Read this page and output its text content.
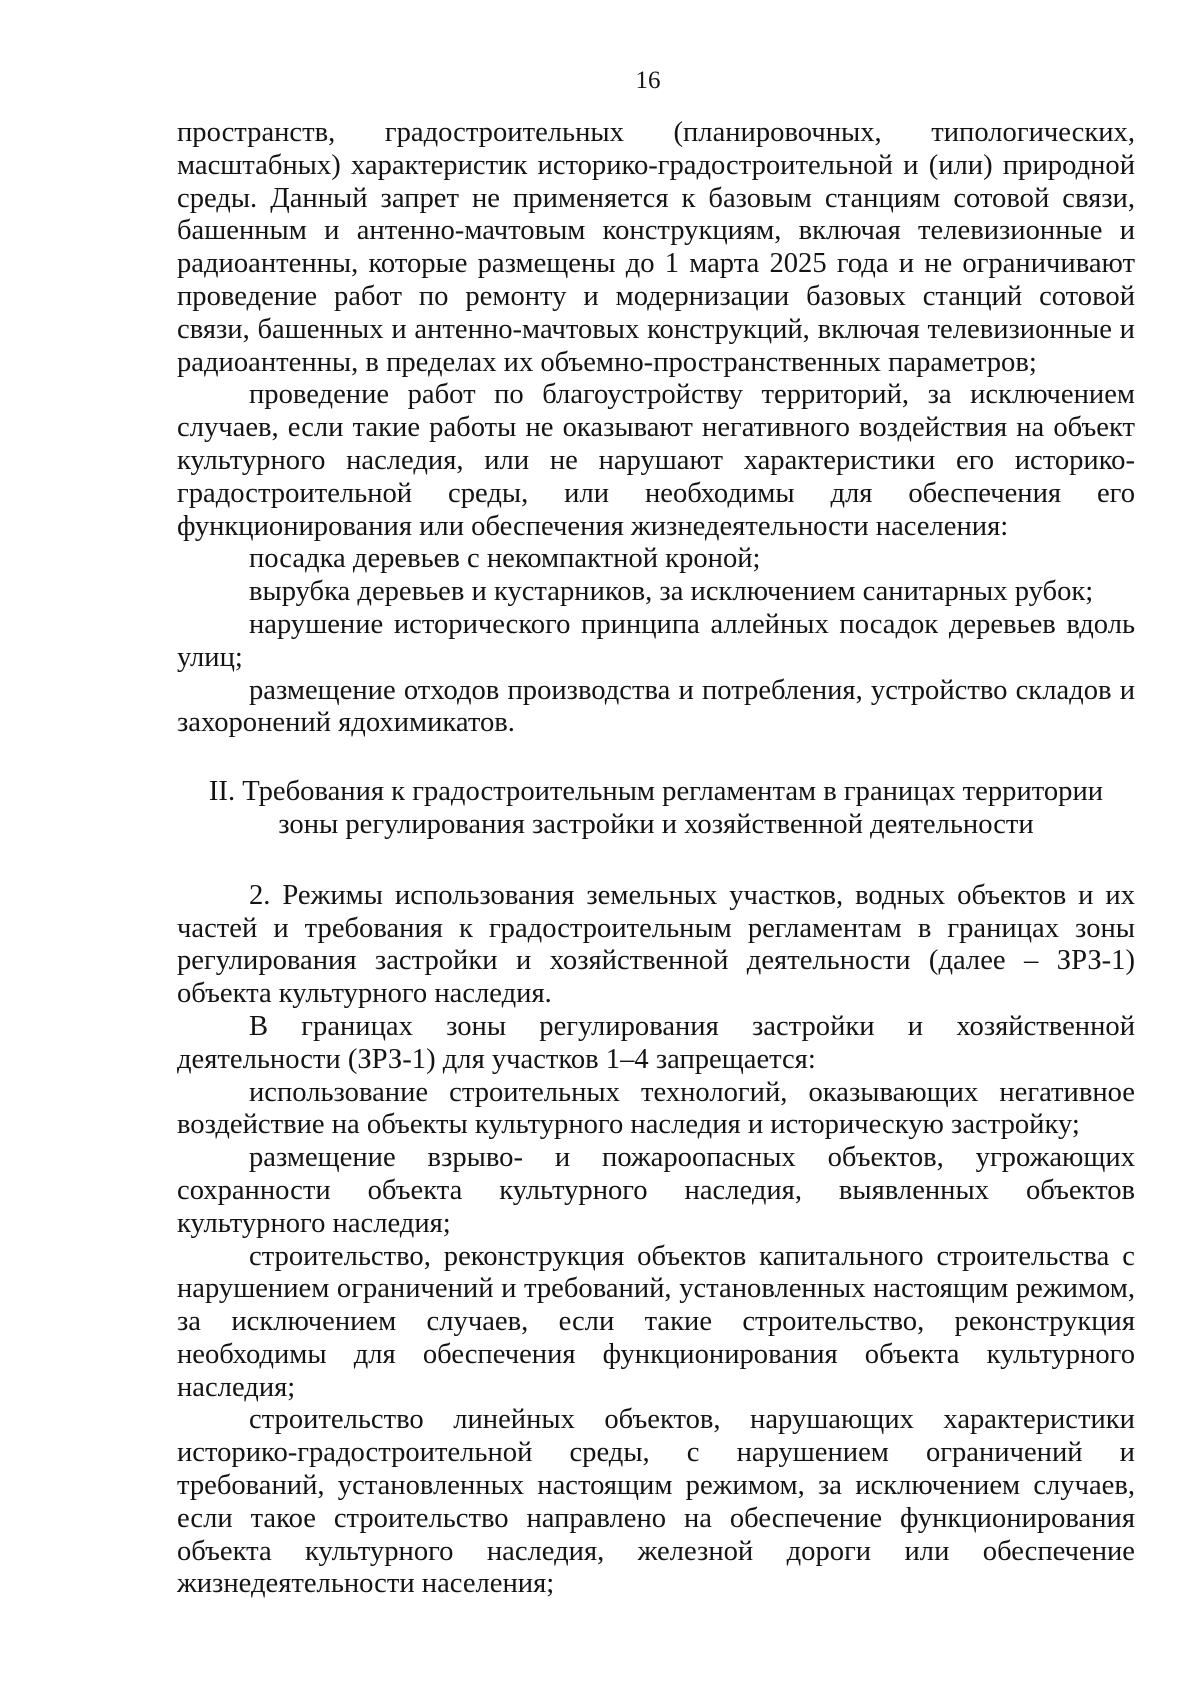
16

пространств, градостроительных (планировочных, типологических, масштабных) характеристик историко-градостроительной и (или) природной среды. Данный запрет не применяется к базовым станциям сотовой связи, башенным и антенно-мачтовым конструкциям, включая телевизионные и радиоантенны, которые размещены до 1 марта 2025 года и не ограничивают проведение работ по ремонту и модернизации базовых станций сотовой связи, башенных и антенно-мачтовых конструкций, включая телевизионные и радиоантенны, в пределах их объемно-пространственных параметров;

проведение работ по благоустройству территорий, за исключением случаев, если такие работы не оказывают негативного воздействия на объект культурного наследия, или не нарушают характеристики его историко-градостроительной среды, или необходимы для обеспечения его функционирования или обеспечения жизнедеятельности населения:

посадка деревьев с некомпактной кроной;

вырубка деревьев и кустарников, за исключением санитарных рубок;

нарушение исторического принципа аллейных посадок деревьев вдоль улиц;

размещение отходов производства и потребления, устройство складов и захоронений ядохимикатов.

II. Требования к градостроительным регламентам в границах территории
зоны регулирования застройки и хозяйственной деятельности

2. Режимы использования земельных участков, водных объектов и их частей и требования к градостроительным регламентам в границах зоны регулирования застройки и хозяйственной деятельности (далее – ЗРЗ-1) объекта культурного наследия.

В границах зоны регулирования застройки и хозяйственной деятельности (ЗРЗ-1) для участков 1–4 запрещается:

использование строительных технологий, оказывающих негативное воздействие на объекты культурного наследия и историческую застройку;

размещение взрыво- и пожароопасных объектов, угрожающих сохранности объекта культурного наследия, выявленных объектов культурного наследия;

строительство, реконструкция объектов капитального строительства с нарушением ограничений и требований, установленных настоящим режимом, за исключением случаев, если такие строительство, реконструкция необходимы для обеспечения функционирования объекта культурного наследия;

строительство линейных объектов, нарушающих характеристики историко-градостроительной среды, с нарушением ограничений и требований, установленных настоящим режимом, за исключением случаев, если такое строительство направлено на обеспечение функционирования объекта культурного наследия, железной дороги или обеспечение жизнедеятельности населения;
